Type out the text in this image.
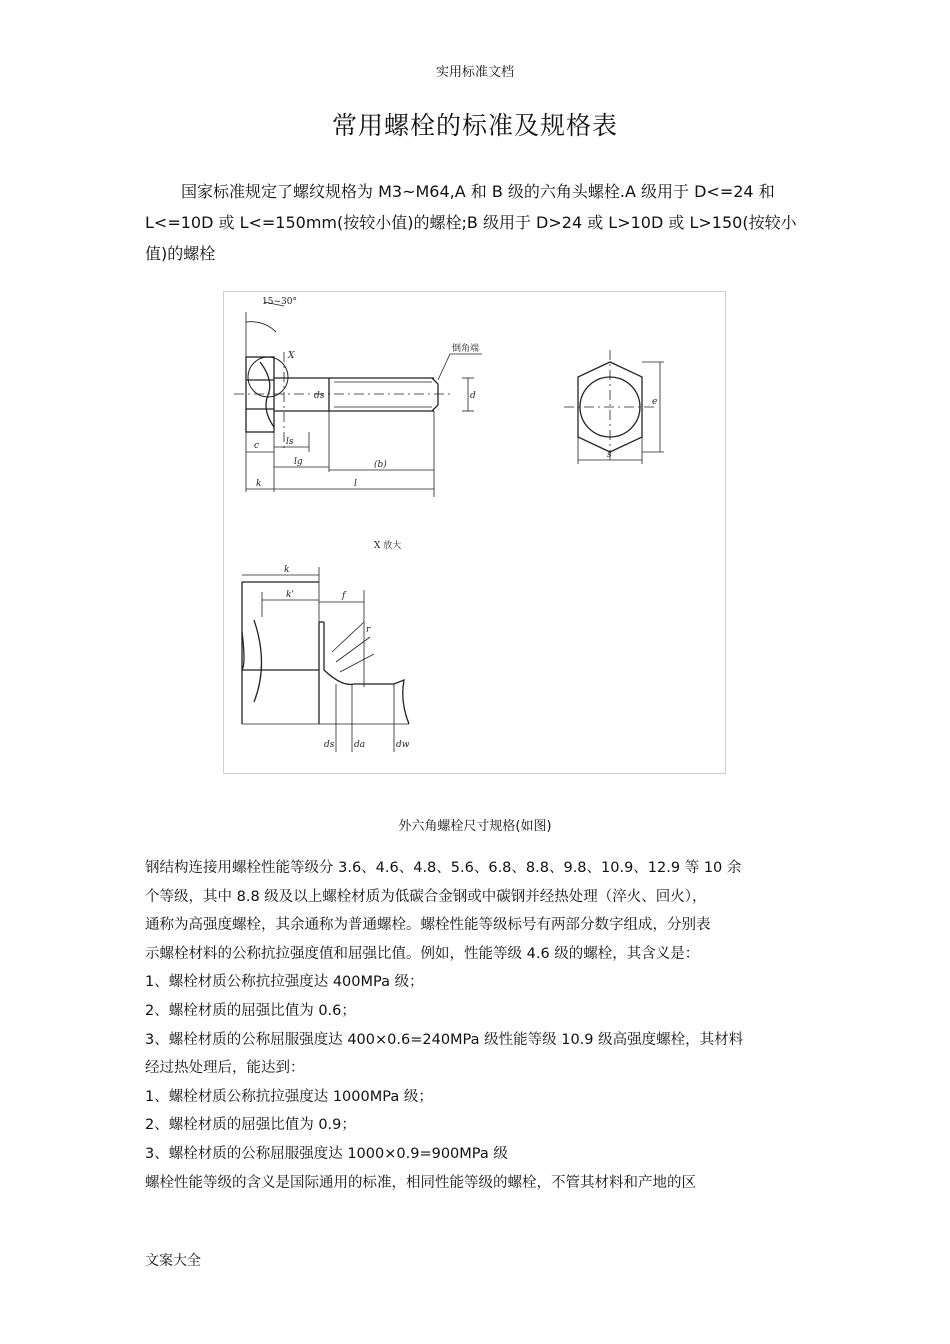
实用标准文档
常用螺栓的标准及规格表

国家标准规定了螺纹规格为 M3~M64,A 和 B 级的六角头螺栓.A 级用于 D<=24 和 L<=10D 或 L<=150mm(按较小值)的螺栓;B 级用于 D>24 或 L>10D 或 L>150(按较小值)的螺栓

15~30°
X
倒角端
ds	d
c	ls
lg	(b)
k	l
s
e
X 放大
k
k'	f
r
ds da	dw
外六角螺栓尺寸规格(如图)

钢结构连接用螺栓性能等级分 3.6、4.6、4.8、5.6、6.8、8.8、9.8、10.9、12.9 等 10 余

个等级，其中 8.8 级及以上螺栓材质为低碳合金钢或中碳钢并经热处理（淬火、回火），

通称为高强度螺栓，其余通称为普通螺栓。螺栓性能等级标号有两部分数字组成，分别表

示螺栓材料的公称抗拉强度值和屈强比值。例如，性能等级 4.6 级的螺栓，其含义是：

1、螺栓材质公称抗拉强度达 400MPa 级；

2、螺栓材质的屈强比值为 0.6；

3、螺栓材质的公称屈服强度达 400×0.6=240MPa 级性能等级 10.9 级高强度螺栓，其材料

经过热处理后，能达到：

1、螺栓材质公称抗拉强度达 1000MPa 级；

2、螺栓材质的屈强比值为 0.9；

3、螺栓材质的公称屈服强度达 1000×0.9=900MPa 级

螺栓性能等级的含义是国际通用的标准，相同性能等级的螺栓，不管其材料和产地的区

文案大全
